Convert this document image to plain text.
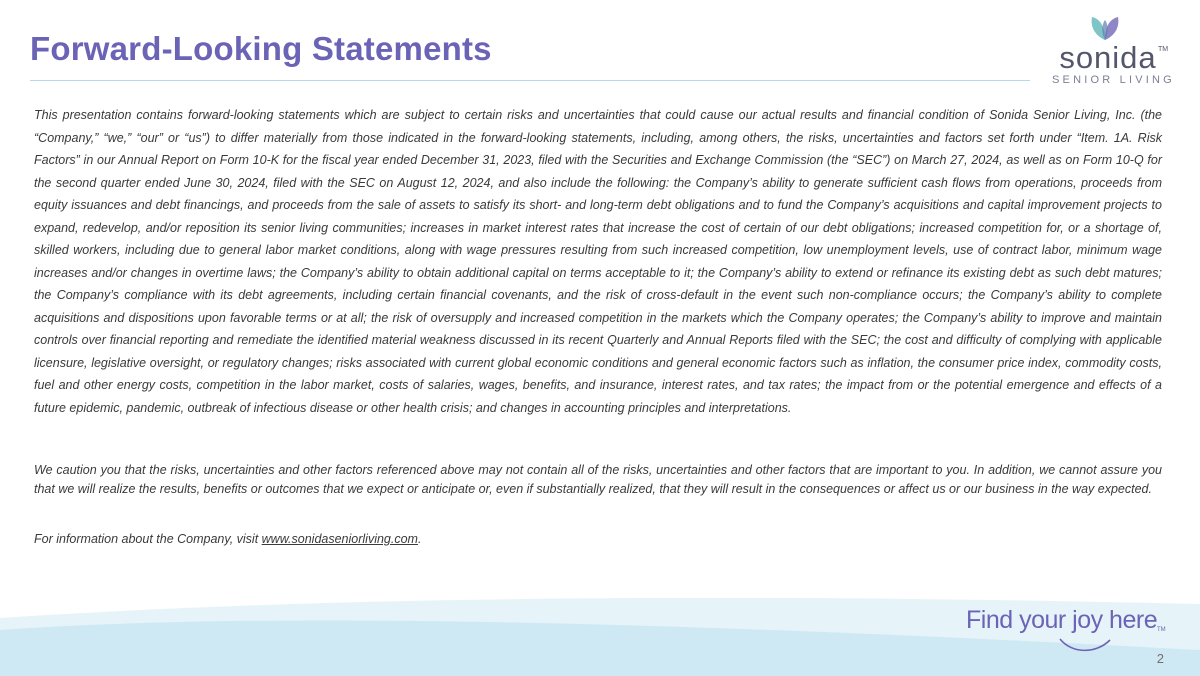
Forward-Looking Statements	sonida TM
SENIOR LIVING

This presentation contains forward-looking statements which are subject to certain risks and uncertainties that could cause our actual results and financial condition of Sonida Senior Living, Inc. (the “Company,” “we,” “our” or “us”) to differ materially from those indicated in the forward-looking statements, including, among others, the risks, uncertainties and factors set forth under “Item. 1A. Risk Factors” in our Annual Report on Form 10-K for the fiscal year ended December 31, 2023, filed with the Securities and Exchange Commission (the “SEC”) on March 27, 2024, as well as on Form 10-Q for the second quarter ended June 30, 2024, filed with the SEC on August 12, 2024, and also include the following: the Company’s ability to generate sufficient cash flows from operations, proceeds from equity issuances and debt financings, and proceeds from the sale of assets to satisfy its short- and long-term debt obligations and to fund the Company’s acquisitions and capital improvement projects to expand, redevelop, and/or reposition its senior living communities; increases in market interest rates that increase the cost of certain of our debt obligations; increased competition for, or a shortage of, skilled workers, including due to general labor market conditions, along with wage pressures resulting from such increased competition, low unemployment levels, use of contract labor, minimum wage increases and/or changes in overtime laws; the Company’s ability to obtain additional capital on terms acceptable to it; the Company’s ability to extend or refinance its existing debt as such debt matures; the Company’s compliance with its debt agreements, including certain financial covenants, and the risk of cross-default in the event such non-compliance occurs; the Company’s ability to complete acquisitions and dispositions upon favorable terms or at all; the risk of oversupply and increased competition in the markets which the Company operates; the Company’s ability to improve and maintain controls over financial reporting and remediate the identified material weakness discussed in its recent Quarterly and Annual Reports filed with the SEC; the cost and difficulty of complying with applicable licensure, legislative oversight, or regulatory changes; risks associated with current global economic conditions and general economic factors such as inflation, the consumer price index, commodity costs, fuel and other energy costs, competition in the labor market, costs of salaries, wages, benefits, and insurance, interest rates, and tax rates; the impact from or the potential emergence and effects of a future epidemic, pandemic, outbreak of infectious disease or other health crisis; and changes in accounting principles and interpretations.

We caution you that the risks, uncertainties and other factors referenced above may not contain all of the risks, uncertainties and other factors that are important to you. In addition, we cannot assure you that we will realize the results, benefits or outcomes that we expect or anticipate or, even if substantially realized, that they will result in the consequences or affect us or our business in the way expected.

For information about the Company, visit www.sonidaseniorliving.com.

Find your joy here TM
2
